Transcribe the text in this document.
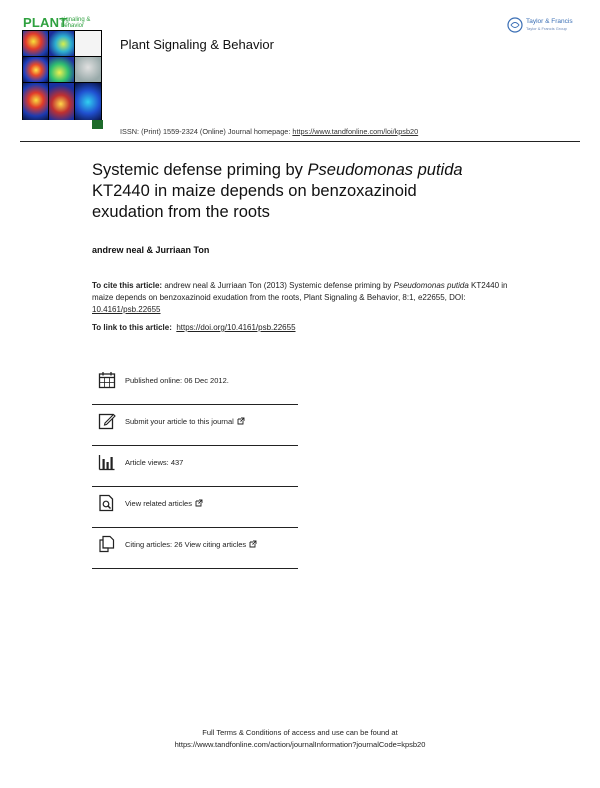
PLANT
signaling & behavior
Plant Signaling & Behavior
Taylor & Francis
Taylor & Francis Group
ISSN: (Print) 1559-2324 (Online) Journal homepage: https://www.tandfonline.com/loi/kpsb20
Systemic defense priming by Pseudomonas putida
KT2440 in maize depends on benzoxazinoid exudation from the roots
andrew neal & Jurriaan Ton
To cite this article: andrew neal & Jurriaan Ton (2013) Systemic defense priming by Pseudomonas putida KT2440 in maize depends on benzoxazinoid exudation from the roots, Plant Signaling & Behavior, 8:1, e22655, DOI: 10.4161/psb.22655
To link to this article: https://doi.org/10.4161/psb.22655
Published online: 06 Dec 2012.
Submit your article to this journal
Article views: 437
View related articles
Citing articles: 26 View citing articles
Full Terms & Conditions of access and use can be found at
https://www.tandfonline.com/action/journalInformation?journalCode=kpsb20
